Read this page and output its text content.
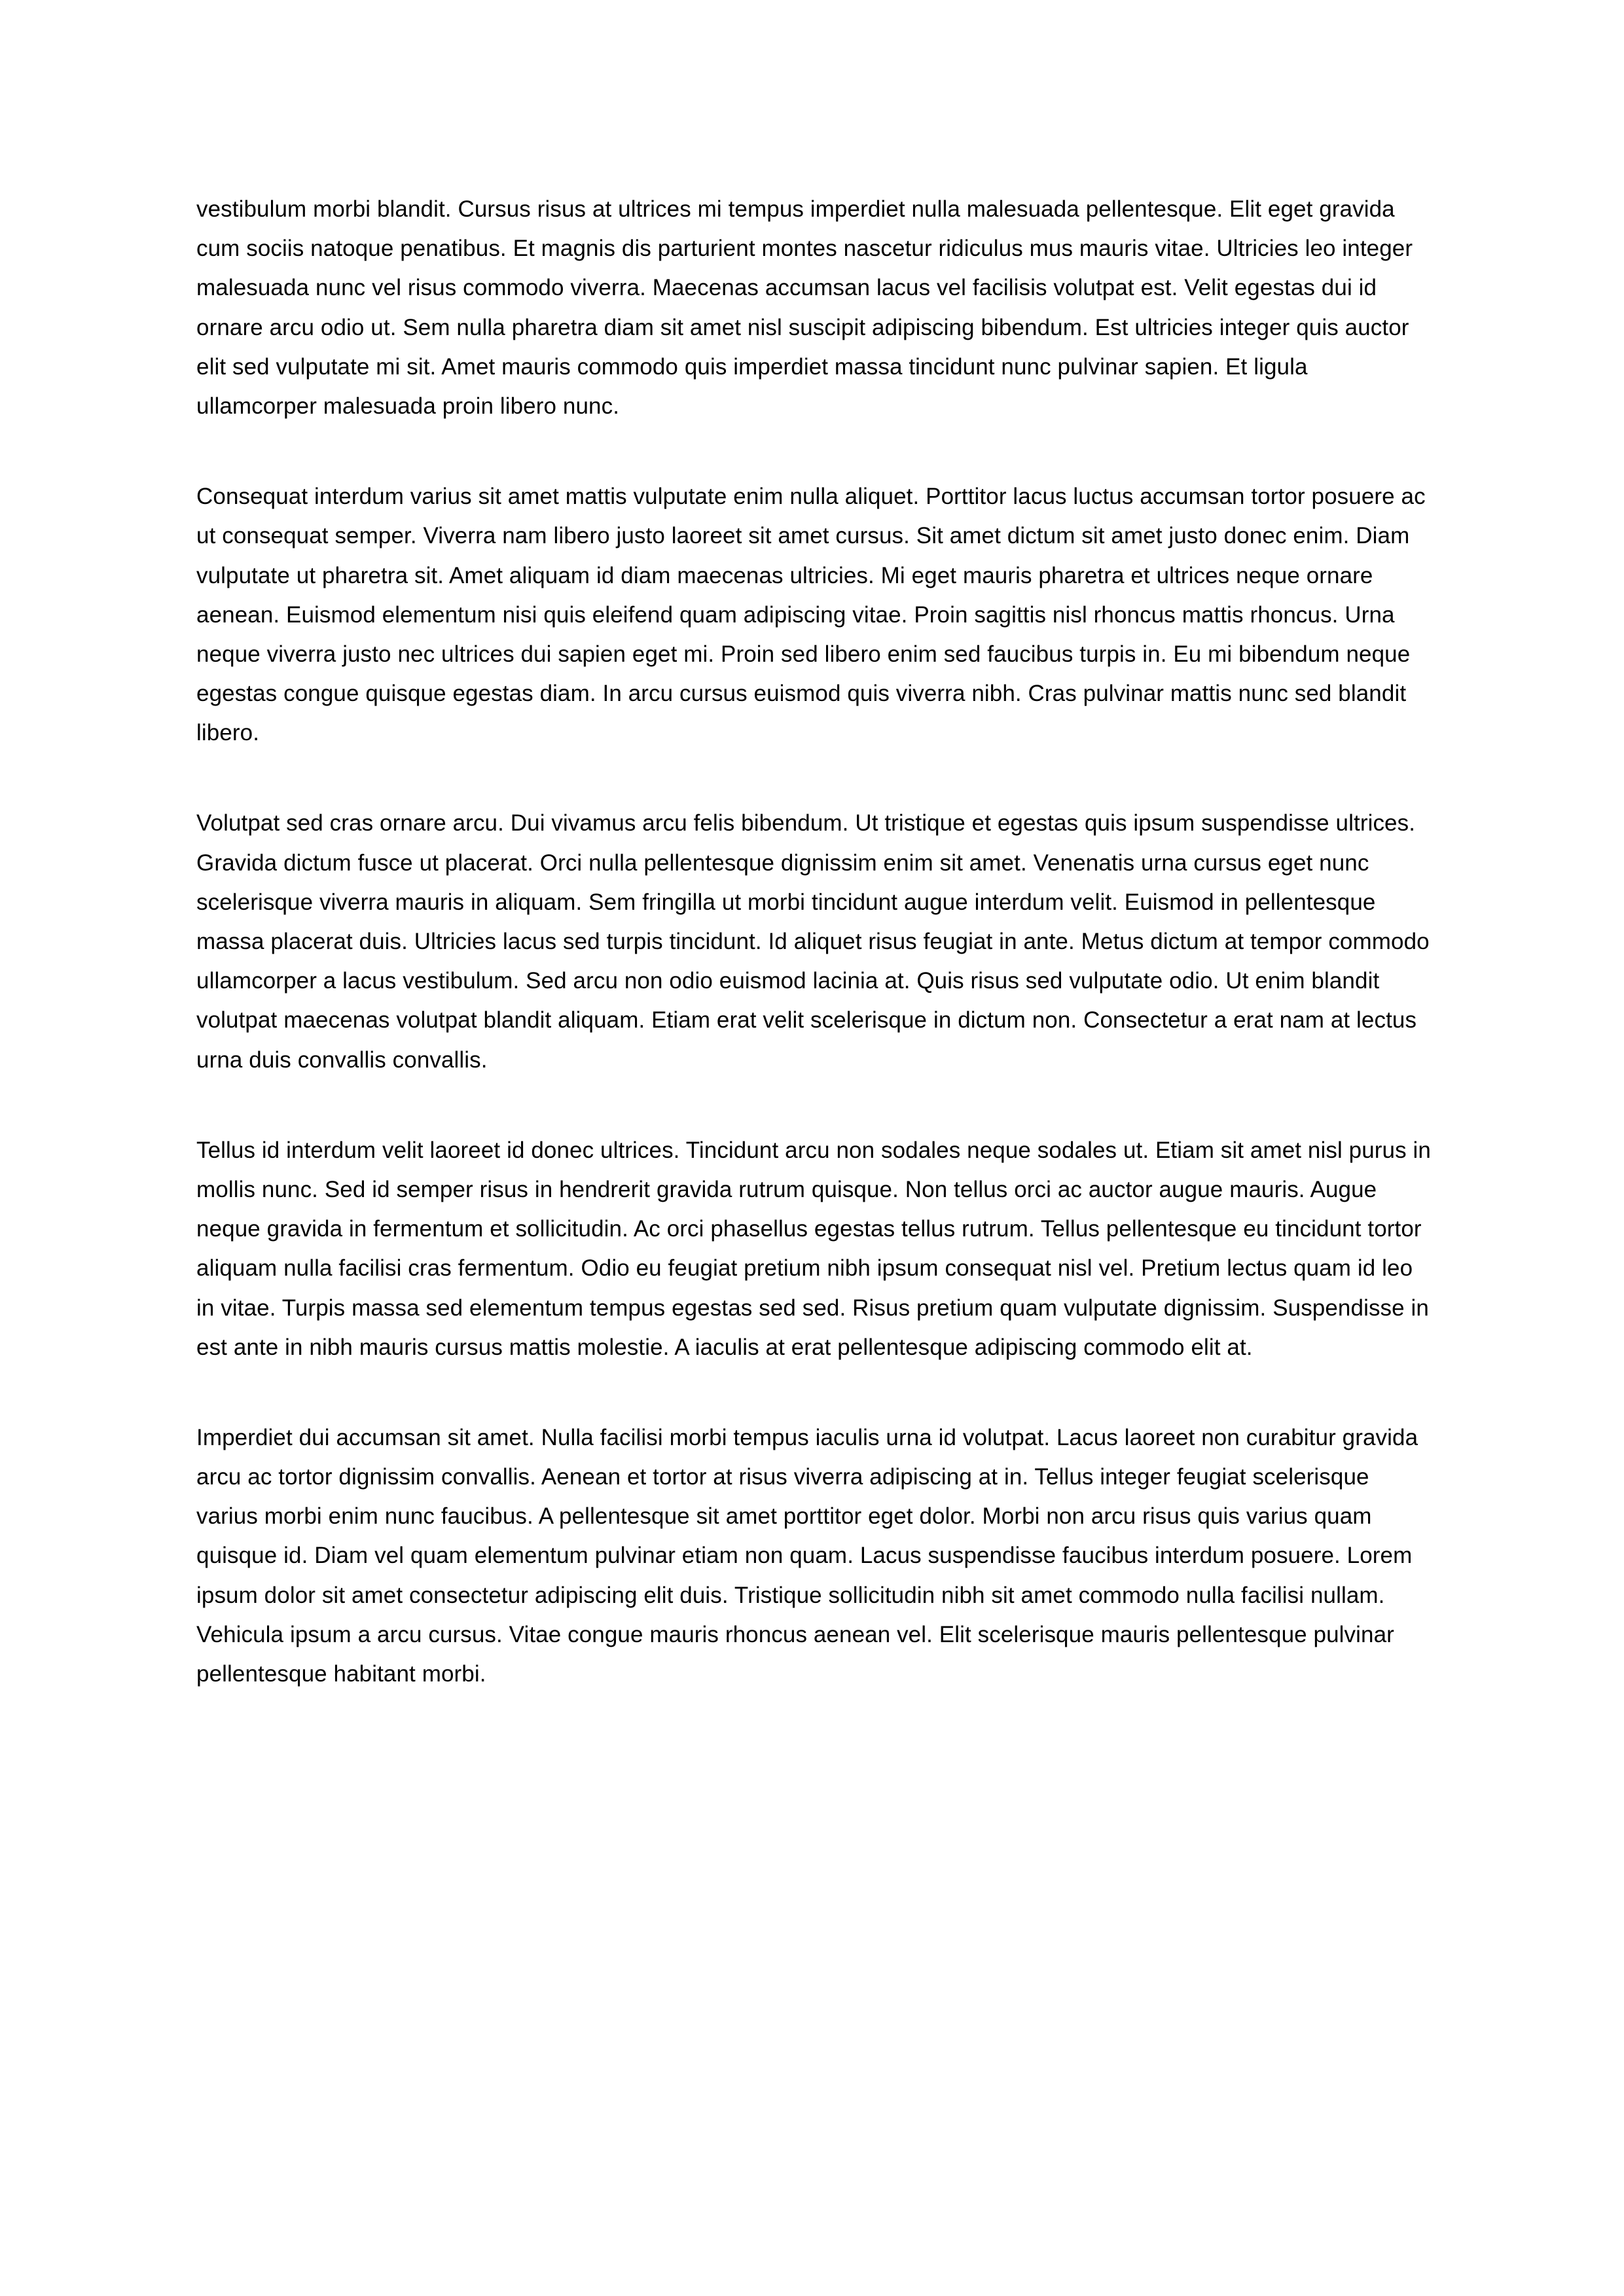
vestibulum morbi blandit. Cursus risus at ultrices mi tempus imperdiet nulla malesuada pellentesque. Elit eget gravida cum sociis natoque penatibus. Et magnis dis parturient montes nascetur ridiculus mus mauris vitae. Ultricies leo integer malesuada nunc vel risus commodo viverra. Maecenas accumsan lacus vel facilisis volutpat est. Velit egestas dui id ornare arcu odio ut. Sem nulla pharetra diam sit amet nisl suscipit adipiscing bibendum. Est ultricies integer quis auctor elit sed vulputate mi sit. Amet mauris commodo quis imperdiet massa tincidunt nunc pulvinar sapien. Et ligula ullamcorper malesuada proin libero nunc.

Consequat interdum varius sit amet mattis vulputate enim nulla aliquet. Porttitor lacus luctus accumsan tortor posuere ac ut consequat semper. Viverra nam libero justo laoreet sit amet cursus. Sit amet dictum sit amet justo donec enim. Diam vulputate ut pharetra sit. Amet aliquam id diam maecenas ultricies. Mi eget mauris pharetra et ultrices neque ornare aenean. Euismod elementum nisi quis eleifend quam adipiscing vitae. Proin sagittis nisl rhoncus mattis rhoncus. Urna neque viverra justo nec ultrices dui sapien eget mi. Proin sed libero enim sed faucibus turpis in. Eu mi bibendum neque egestas congue quisque egestas diam. In arcu cursus euismod quis viverra nibh. Cras pulvinar mattis nunc sed blandit libero.

Volutpat sed cras ornare arcu. Dui vivamus arcu felis bibendum. Ut tristique et egestas quis ipsum suspendisse ultrices. Gravida dictum fusce ut placerat. Orci nulla pellentesque dignissim enim sit amet. Venenatis urna cursus eget nunc scelerisque viverra mauris in aliquam. Sem fringilla ut morbi tincidunt augue interdum velit. Euismod in pellentesque massa placerat duis. Ultricies lacus sed turpis tincidunt. Id aliquet risus feugiat in ante. Metus dictum at tempor commodo ullamcorper a lacus vestibulum. Sed arcu non odio euismod lacinia at. Quis risus sed vulputate odio. Ut enim blandit volutpat maecenas volutpat blandit aliquam. Etiam erat velit scelerisque in dictum non. Consectetur a erat nam at lectus urna duis convallis convallis.

Tellus id interdum velit laoreet id donec ultrices. Tincidunt arcu non sodales neque sodales ut. Etiam sit amet nisl purus in mollis nunc. Sed id semper risus in hendrerit gravida rutrum quisque. Non tellus orci ac auctor augue mauris. Augue neque gravida in fermentum et sollicitudin. Ac orci phasellus egestas tellus rutrum. Tellus pellentesque eu tincidunt tortor aliquam nulla facilisi cras fermentum. Odio eu feugiat pretium nibh ipsum consequat nisl vel. Pretium lectus quam id leo in vitae. Turpis massa sed elementum tempus egestas sed sed. Risus pretium quam vulputate dignissim. Suspendisse in est ante in nibh mauris cursus mattis molestie. A iaculis at erat pellentesque adipiscing commodo elit at.

Imperdiet dui accumsan sit amet. Nulla facilisi morbi tempus iaculis urna id volutpat. Lacus laoreet non curabitur gravida arcu ac tortor dignissim convallis. Aenean et tortor at risus viverra adipiscing at in. Tellus integer feugiat scelerisque varius morbi enim nunc faucibus. A pellentesque sit amet porttitor eget dolor. Morbi non arcu risus quis varius quam quisque id. Diam vel quam elementum pulvinar etiam non quam. Lacus suspendisse faucibus interdum posuere. Lorem ipsum dolor sit amet consectetur adipiscing elit duis. Tristique sollicitudin nibh sit amet commodo nulla facilisi nullam. Vehicula ipsum a arcu cursus. Vitae congue mauris rhoncus aenean vel. Elit scelerisque mauris pellentesque pulvinar pellentesque habitant morbi.
